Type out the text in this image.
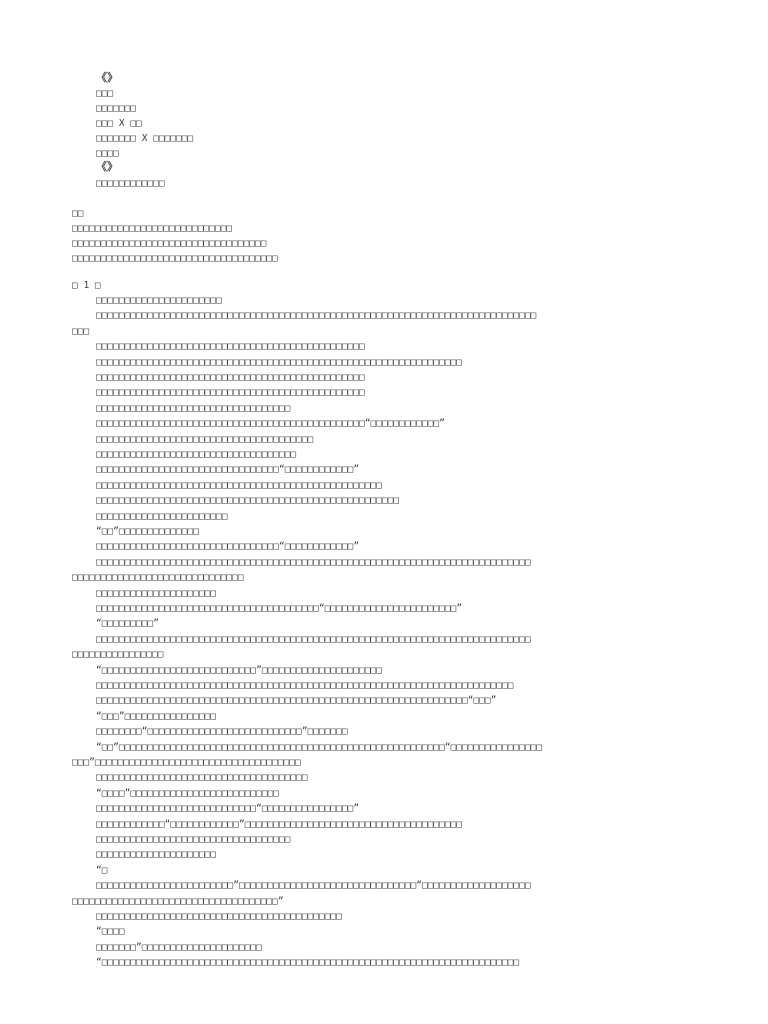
《》
□□□
□□□□□□□
□□□ X □□
□□□□□□□ X □□□□□□□
□□□□
《》
□□□□□□□□□□□□
□□
□□□□□□□□□□□□□□□□□□□□□□□□□□□□
□□□□□□□□□□□□□□□□□□□□□□□□□□□□□□□□□□
□□□□□□□□□□□□□□□□□□□□□□□□□□□□□□□□□□□□
□ 1 □
□□□□□□□□□□□□□□□□□□□□□□
□□□□□□□□□□□□□□□□□□□□□□□□□□□□□□□□□□□□□□□□□□□□□□□□□□□□□□□□□□□□□□□□□□□□□□□□□□□□□
□□□
□□□□□□□□□□□□□□□□□□□□□□□□□□□□□□□□□□□□□□□□□□□□□□□
□□□□□□□□□□□□□□□□□□□□□□□□□□□□□□□□□□□□□□□□□□□□□□□□□□□□□□□□□□□□□□□□
□□□□□□□□□□□□□□□□□□□□□□□□□□□□□□□□□□□□□□□□□□□□□□□
□□□□□□□□□□□□□□□□□□□□□□□□□□□□□□□□□□□□□□□□□□□□□□□
□□□□□□□□□□□□□□□□□□□□□□□□□□□□□□□□□□
□□□□□□□□□□□□□□□□□□□□□□□□□□□□□□□□□□□□□□□□□□□□□□□“□□□□□□□□□□□□”
□□□□□□□□□□□□□□□□□□□□□□□□□□□□□□□□□□□□□□
□□□□□□□□□□□□□□□□□□□□□□□□□□□□□□□□□□□
□□□□□□□□□□□□□□□□□□□□□□□□□□□□□□□□“□□□□□□□□□□□□”
□□□□□□□□□□□□□□□□□□□□□□□□□□□□□□□□□□□□□□□□□□□□□□□□□□
□□□□□□□□□□□□□□□□□□□□□□□□□□□□□□□□□□□□□□□□□□□□□□□□□□□□□
□□□□□□□□□□□□□□□□□□□□□□□
“□□”□□□□□□□□□□□□□□
□□□□□□□□□□□□□□□□□□□□□□□□□□□□□□□□“□□□□□□□□□□□□”
□□□□□□□□□□□□□□□□□□□□□□□□□□□□□□□□□□□□□□□□□□□□□□□□□□□□□□□□□□□□□□□□□□□□□□□□□□□□
□□□□□□□□□□□□□□□□□□□□□□□□□□□□□□
□□□□□□□□□□□□□□□□□□□□□
□□□□□□□□□□□□□□□□□□□□□□□□□□□□□□□□□□□□□□□“□□□□□□□□□□□□□□□□□□□□□□□”
“□□□□□□□□□”
□□□□□□□□□□□□□□□□□□□□□□□□□□□□□□□□□□□□□□□□□□□□□□□□□□□□□□□□□□□□□□□□□□□□□□□□□□□□
□□□□□□□□□□□□□□□□
“□□□□□□□□□□□□□□□□□□□□□□□□□□□”□□□□□□□□□□□□□□□□□□□□□
□□□□□□□□□□□□□□□□□□□□□□□□□□□□□□□□□□□□□□□□□□□□□□□□□□□□□□□□□□□□□□□□□□□□□□□□□
□□□□□□□□□□□□□□□□□□□□□□□□□□□□□□□□□□□□□□□□□□□□□□□□□□□□□□□□□□□□□□□□□“□□□”
“□□□”□□□□□□□□□□□□□□□□
□□□□□□□□“□□□□□□□□□□□□□□□□□□□□□□□□□□□”□□□□□□□
“□□”□□□□□□□□□□□□□□□□□□□□□□□□□□□□□□□□□□□□□□□□□□□□□□□□□□□□□□□□□“□□□□□□□□□□□□□□□□
□□□”□□□□□□□□□□□□□□□□□□□□□□□□□□□□□□□□□□□□
□□□□□□□□□□□□□□□□□□□□□□□□□□□□□□□□□□□□□
“□□□□”□□□□□□□□□□□□□□□□□□□□□□□□□□
□□□□□□□□□□□□□□□□□□□□□□□□□□□□“□□□□□□□□□□□□□□□□”
□□□□□□□□□□□□“□□□□□□□□□□□□”□□□□□□□□□□□□□□□□□□□□□□□□□□□□□□□□□□□□□□
□□□□□□□□□□□□□□□□□□□□□□□□□□□□□□□□□□
□□□□□□□□□□□□□□□□□□□□□
“□
□□□□□□□□□□□□□□□□□□□□□□□□”□□□□□□□□□□□□□□□□□□□□□□□□□□□□□□□“□□□□□□□□□□□□□□□□□□□
□□□□□□□□□□□□□□□□□□□□□□□□□□□□□□□□□□□□”
□□□□□□□□□□□□□□□□□□□□□□□□□□□□□□□□□□□□□□□□□□□
“□□□□
□□□□□□□”□□□□□□□□□□□□□□□□□□□□□
“□□□□□□□□□□□□□□□□□□□□□□□□□□□□□□□□□□□□□□□□□□□□□□□□□□□□□□□□□□□□□□□□□□□□□□□□□
